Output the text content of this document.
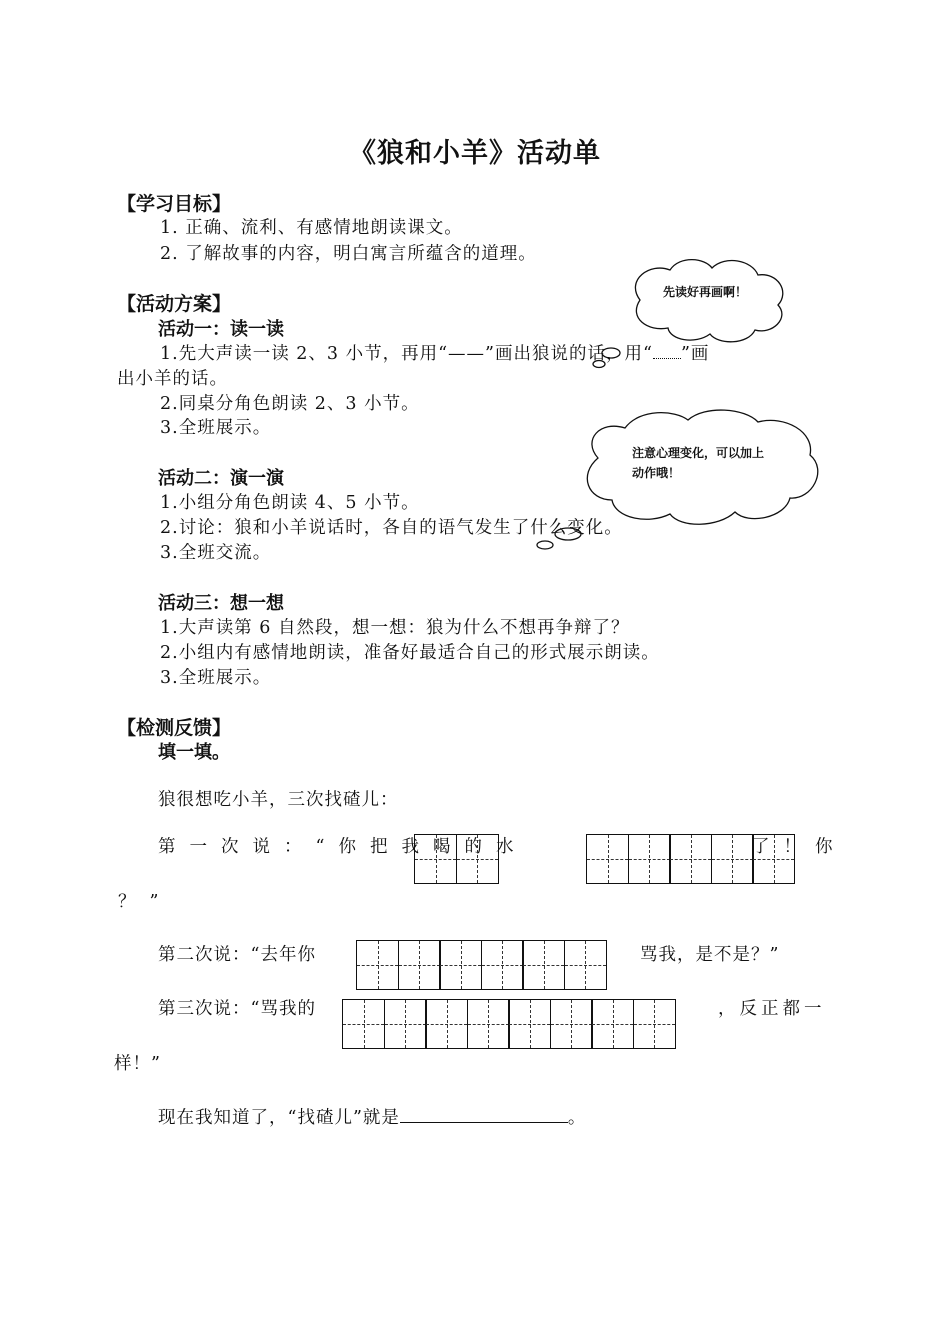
先读好再画啊！
注意心理变化，可以加上动作哦！
《狼和小羊》活动单
【学习目标】
1. 正确、流利、有感情地朗读课文。
2. 了解故事的内容，明白寓言所蕴含的道理。
【活动方案】
活动一：读一读
1.先大声读一读 2、3 小节，再用“——”画出狼说的话，用“ ”画
出小羊的话。
2.同桌分角色朗读 2、3 小节。
3.全班展示。
活动二：演一演
1.小组分角色朗读 4、5 小节。
2.讨论：狼和小羊说话时，各自的语气发生了什么变化。
3.全班交流。
活动三：想一想
1.大声读第 6 自然段，想一想：狼为什么不想再争辩了？
2.小组内有感情地朗读，准备好最适合自己的形式展示朗读。
3.全班展示。
【检测反馈】
填一填。
狼很想吃小羊，三次找碴儿：
第一次说：“你把我喝的水	了！你
？”
第二次说：“去年你	骂我，是不是？”
第三次说：“骂我的	，反正都一
样！”
现在我知道了，“找碴儿”就是	。
